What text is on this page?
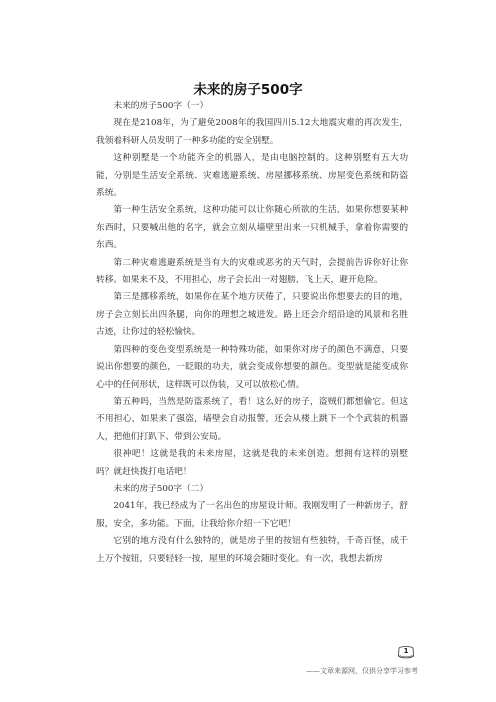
未来的房子500字

未来的房子500字（一）

现在是2108年，为了避免2008年的我国四川5.12大地震灾难的再次发生，我领着科研人员发明了一种多功能的安全别墅。

这种别墅是一个功能齐全的机器人，是由电脑控制的。这种别墅有五大功能，分别是生活安全系统、灾难逃避系统、房屋挪移系统、房屋变色系统和防盗系统。

第一种生活安全系统，这种功能可以让你随心所欲的生活，如果你想要某种东西时，只要喊出他的名字，就会立刻从墙壁里出来一只机械手，拿着你需要的东西。

第二种灾难逃避系统是当有大的灾难或恶劣的天气时，会提前告诉你好让你转移。如果来不及，不用担心，房子会长出一对翅膀，飞上天，避开危险。

第三是挪移系统，如果你在某个地方厌倦了，只要说出你想要去的目的地，房子会立刻长出四条腿，向你的理想之城进发。路上还会介绍沿途的风景和名胜古迹，让你过的轻松愉快。

第四种的变色变型系统是一种特殊功能，如果你对房子的颜色不满意，只要说出你想要的颜色，一眨眼的功夫，就会变成你想要的颜色。变型就是能变成你心中的任何形状，这样既可以伪装，又可以放松心情。

第五种吗，当然是防盗系统了，看！这么好的房子，盗贼们都想偷它。但这不用担心，如果来了强盗，墙壁会自动报警，还会从楼上跳下一个个武装的机器人，把他们打趴下、带到公安局。

很神吧！这就是我的未来房屋，这就是我的未来创造。想拥有这样的别墅吗？就赶快拨打电话吧！

未来的房子500字（二）

2041年，我已经成为了一名出色的房屋设计师。我刚发明了一种新房子，舒服，安全，多功能。下面，让我给你介绍一下它吧！

它别的地方没有什么独特的，就是房子里的按钮有些独特，千奇百怪，成千上万个按钮，只要轻轻一按，屋里的环境会随时变化。有一次，我想去新房

1
——文章来源网，仅供分享学习参考
